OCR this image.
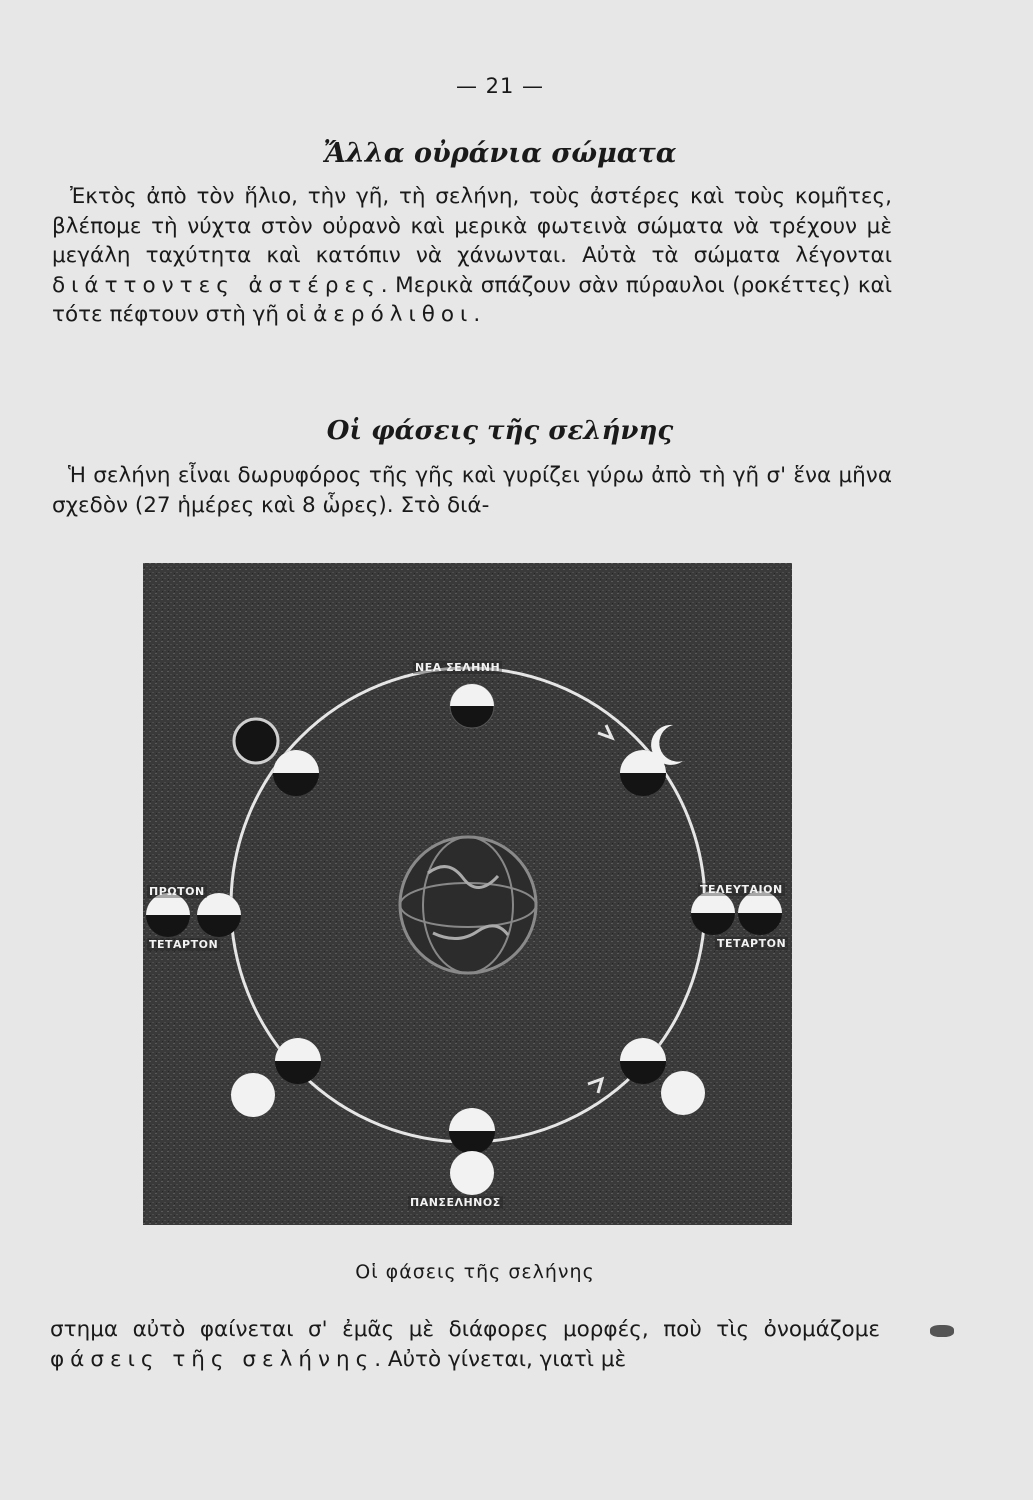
— 21 —
Ἄλλα οὐράνια σώματα

Ἐκτὸς ἀπὸ τὸν ἥλιο, τὴν γῆ, τὴ σελήνη, τοὺς ἀστέρες καὶ τοὺς κομῆτες, βλέπομε τὴ νύχτα στὸν οὐρανὸ καὶ μερικὰ φωτεινὰ σώματα νὰ τρέχουν μὲ μεγάλη ταχύτητα καὶ κατόπιν νὰ χάνωνται. Αὐτὰ τὰ σώματα λέγονται διάττοντες ἀστέρες. Μερικὰ σπάζουν σὰν πύραυλοι (ροκέττες) καὶ τότε πέφτουν στὴ γῆ οἱ ἀερόλιθοι.

Οἱ φάσεις τῆς σελήνης

Ἡ σελήνη εἶναι δωρυφόρος τῆς γῆς καὶ γυρίζει γύρω ἀπὸ τὴ γῆ σ' ἕνα μῆνα σχεδὸν (27 ἡμέρες καὶ 8 ὧρες). Στὸ διά-

ΝΕΑ ΣΕΛΗΝΗ
ΠΡΩΤΟΝ
ΤΕΤΑΡΤΟΝ
ΤΕΛΕΥΤΑΙΟΝ
ΤΕΤΑΡΤΟΝ
ΠΑΝΣΕΛΗΝΟΣ
Οἱ φάσεις τῆς σελήνης

στημα αὐτὸ φαίνεται σ' ἐμᾶς μὲ διάφορες μορφές, ποὺ τὶς ὀνομάζομε φάσεις τῆς σελήνης. Αὐτὸ γίνεται, γιατὶ μὲ
